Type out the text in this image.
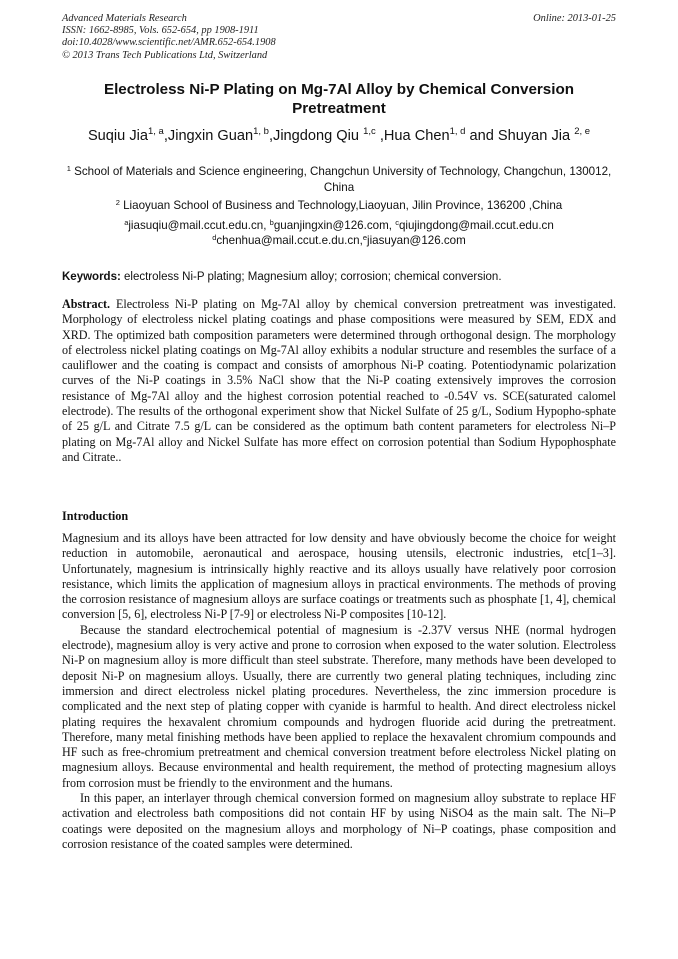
Advanced Materials Research
ISSN: 1662-8985, Vols. 652-654, pp 1908-1911
doi:10.4028/www.scientific.net/AMR.652-654.1908
© 2013 Trans Tech Publications Ltd, Switzerland
Online: 2013-01-25
Electroless Ni-P Plating on Mg-7Al Alloy by Chemical Conversion Pretreatment
Suqiu Jia$^{1, a}$,Jingxin Guan$^{1, b}$,Jingdong Qiu $^{1,c}$ ,Hua Chen$^{1, d}$ and Shuyan Jia $^{2, e}$
$^1$ School of Materials and Science engineering, Changchun University of Technology, Changchun, 130012, China
$^2$ Liaoyuan School of Business and Technology,Liaoyuan, Jilin Province, 136200 ,China
$^a$jiasuqiu@mail.ccut.edu.cn, $^b$guanjingxin@126.com, $^c$qiujingdong@mail.ccut.edu.cn
$^d$chenhua@mail.ccut.e.du.cn,$^e$jiasuyan@126.com
Keywords: electroless Ni-P plating; Magnesium alloy; corrosion; chemical conversion.
Abstract. Electroless Ni-P plating on Mg-7Al alloy by chemical conversion pretreatment was investigated. Morphology of electroless nickel plating coatings and phase compositions were measured by SEM, EDX and XRD. The optimized bath composition parameters were determined through orthogonal design. The morphology of electroless nickel plating coatings on Mg-7Al alloy exhibits a nodular structure and resembles the surface of a cauliflower and the coating is compact and consists of amorphous Ni-P coating. Potentiodynamic polarization curves of the Ni-P coatings in 3.5% NaCl show that the Ni-P coating extensively improves the corrosion resistance of Mg-7Al alloy and the highest corrosion potential reached to -0.54V vs. SCE(saturated calomel electrode). The results of the orthogonal experiment show that Nickel Sulfate of 25 g/L, Sodium Hypopho-sphate of 25 g/L and Citrate 7.5 g/L can be considered as the optimum bath content parameters for electroless Ni–P plating on Mg-7Al alloy and Nickel Sulfate has more effect on corrosion potential than Sodium Hypophosphate and Citrate..
Introduction

Magnesium and its alloys have been attracted for low density and have obviously become the choice for weight reduction in automobile, aeronautical and aerospace, housing utensils, electronic industries, etc[1–3]. Unfortunately, magnesium is intrinsically highly reactive and its alloys usually have relatively poor corrosion resistance, which limits the application of magnesium alloys in practical environments. The methods of proving the corrosion resistance of magnesium alloys are surface coatings or treatments such as phosphate [1, 4], chemical conversion [5, 6], electroless Ni-P [7-9] or electroless Ni-P composites [10-12].

Because the standard electrochemical potential of magnesium is -2.37V versus NHE (normal hydrogen electrode), magnesium alloy is very active and prone to corrosion when exposed to the water solution. Electroless Ni-P on magnesium alloy is more difficult than steel substrate. Therefore, many methods have been developed to deposit Ni-P on magnesium alloys. Usually, there are currently two general plating techniques, including zinc immersion and direct electroless nickel plating procedures. Nevertheless, the zinc immersion procedure is complicated and the next step of plating copper with cyanide is harmful to health. And direct electroless nickel plating requires the hexavalent chromium compounds and hydrogen fluoride acid during the pretreatment. Therefore, many metal finishing methods have been applied to replace the hexavalent chromium compounds and HF such as free-chromium pretreatment and chemical conversion treatment before electroless Nickel plating on magnesium alloys. Because environmental and health requirement, the method of protecting magnesium alloys from corrosion must be friendly to the environment and the humans.

In this paper, an interlayer through chemical conversion formed on magnesium alloy substrate to replace HF activation and electroless bath compositions did not contain HF by using NiSO4 as the main salt. The Ni–P coatings were deposited on the magnesium alloys and morphology of Ni–P coatings, phase composition and corrosion resistance of the coated samples were determined.
